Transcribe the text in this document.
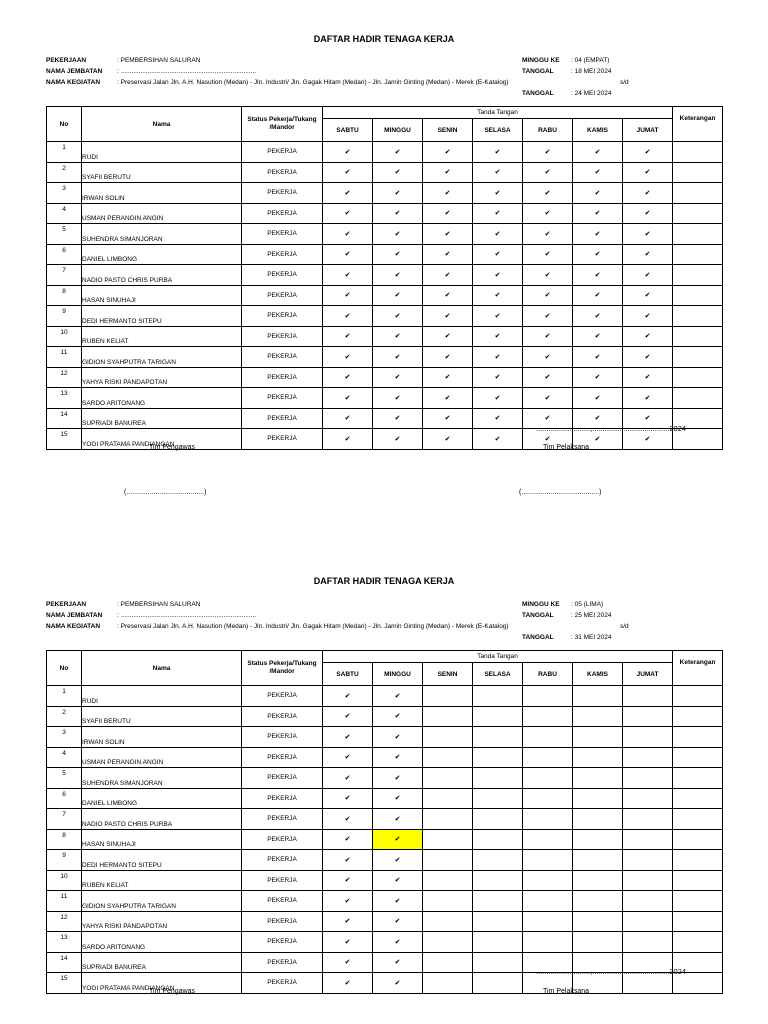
DAFTAR HADIR TENAGA KERJA
PEKERJAAN	: PEMBERSIHAN SALURAN
NAMA JEMBATAN : ...........................................................................
NAMA KEGIATAN	: Preservasi Jalan Jln. A.H. Nasution (Medan) - Jln. Industri/ Jln. Gagak Hitam (Medan) - Jln. Jamin Ginting (Medan) - Merek (E-Katalog)
MINGGU KE : 04 (EMPAT)
TANGGAL	: 18 MEI 2024
s/d
TANGGAL	: 24 MEI 2024
No	Nama	Status Pekerja/Tukang /Mandor	Tanda Tangan							Keterangan
			SABTU	MINGGU	SENIN	SELASA	RABU	KAMIS	JUMAT	
1	RUDI	PEKERJA	✔	✔	✔	✔	✔	✔	✔	
2	SYAFII BERUTU	PEKERJA	✔	✔	✔	✔	✔	✔	✔	
3	IRWAN SOLIN	PEKERJA	✔	✔	✔	✔	✔	✔	✔	
4	USMAN PERANGIN ANGIN	PEKERJA	✔	✔	✔	✔	✔	✔	✔	
5	SUHENDRA SIMANJORAN	PEKERJA	✔	✔	✔	✔	✔	✔	✔	
6	DANIEL LIMBONG	PEKERJA	✔	✔	✔	✔	✔	✔	✔	
7	NADIO PASTO CHRIS PURBA	PEKERJA	✔	✔	✔	✔	✔	✔	✔	
8	HASAN SINUHAJI	PEKERJA	✔	✔	✔	✔	✔	✔	✔	
9	DEDI HERMANTO SITEPU	PEKERJA	✔	✔	✔	✔	✔	✔	✔	
10	RUBEN KELIAT	PEKERJA	✔	✔	✔	✔	✔	✔	✔	
11	GIDION SYAHPUTRA TARIGAN	PEKERJA	✔	✔	✔	✔	✔	✔	✔	
12	YAHYA RISKI PANDAPOTAN	PEKERJA	✔	✔	✔	✔	✔	✔	✔	
13	SARDO ARITONANG	PEKERJA	✔	✔	✔	✔	✔	✔	✔	
14	SUPRIADI BANUREA	PEKERJA	✔	✔	✔	✔	✔	✔	✔	
15	YOGI PRATAMA PANDIANGAN	PEKERJA	✔	✔	✔	✔	✔	✔	✔	
..........................,.....................................2024
Tim Pengawas	Tim Pelaksana
(........................................)	(........................................)
DAFTAR HADIR TENAGA KERJA
PEKERJAAN	: PEMBERSIHAN SALURAN
NAMA JEMBATAN : ...........................................................................
NAMA KEGIATAN	: Preservasi Jalan Jln. A.H. Nasution (Medan) - Jln. Industri/ Jln. Gagak Hitam (Medan) - Jln. Jamin Ginting (Medan) - Merek (E-Katalog)
MINGGU KE : 05 (LIMA)
TANGGAL	: 25 MEI 2024
s/d
TANGGAL	: 31 MEI 2024
No	Nama	Status Pekerja/Tukang /Mandor	Tanda Tangan							Keterangan
			SABTU	MINGGU	SENIN	SELASA	RABU	KAMIS	JUMAT	
1	RUDI	PEKERJA	✔	✔						
2	SYAFII BERUTU	PEKERJA	✔	✔						
3	IRWAN SOLIN	PEKERJA	✔	✔						
4	USMAN PERANGIN ANGIN	PEKERJA	✔	✔						
5	SUHENDRA SIMANJORAN	PEKERJA	✔	✔						
6	DANIEL LIMBONG	PEKERJA	✔	✔						
7	NADIO PASTO CHRIS PURBA	PEKERJA	✔	✔						
8	HASAN SINUHAJI	PEKERJA	✔	✔						
9	DEDI HERMANTO SITEPU	PEKERJA	✔	✔						
10	RUBEN KELIAT	PEKERJA	✔	✔						
11	GIDION SYAHPUTRA TARIGAN	PEKERJA	✔	✔						
12	YAHYA RISKI PANDAPOTAN	PEKERJA	✔	✔						
13	SARDO ARITONANG	PEKERJA	✔	✔						
14	SUPRIADI BANUREA	PEKERJA	✔	✔						
15	YOGI PRATAMA PANDIANGAN	PEKERJA	✔	✔						
..........................,.....................................2024
Tim Pengawas	Tim Pelaksana
